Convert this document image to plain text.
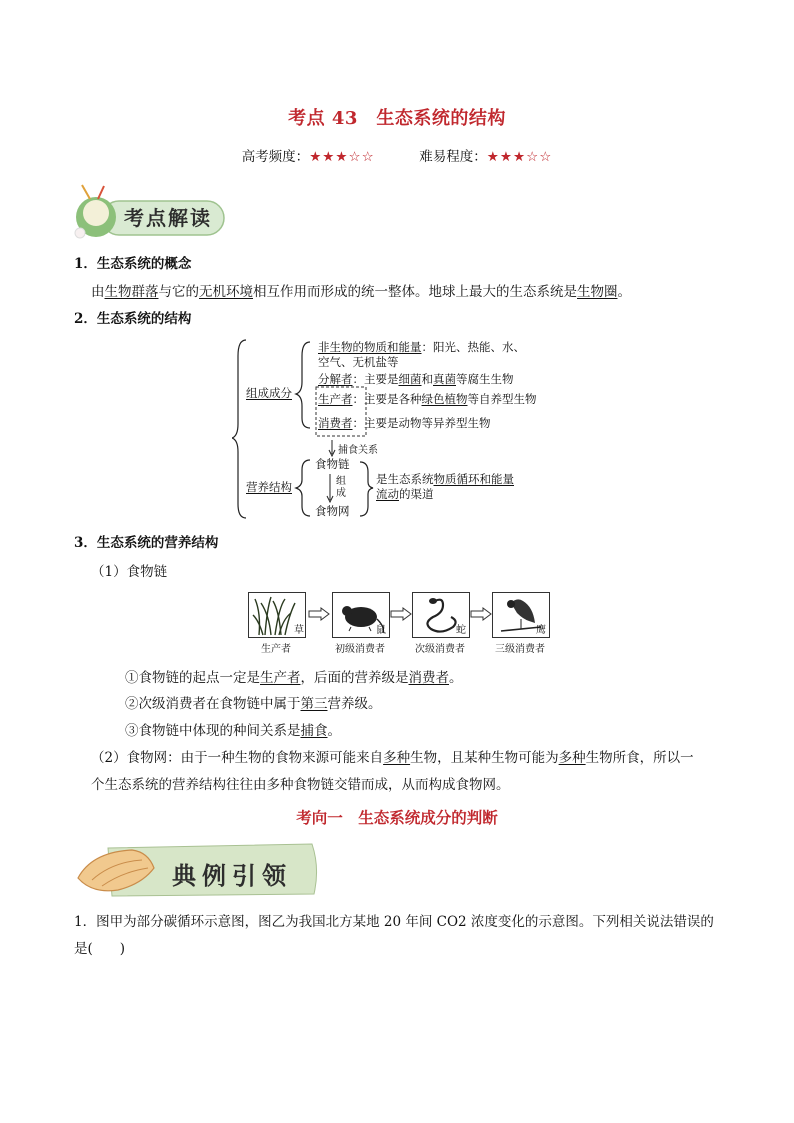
考点 43　生态系统的结构
高考频度：★★★☆☆	难易程度：★★★☆☆
考点解读
1．生态系统的概念
由生物群落与它的无机环境相互作用而形成的统一整体。地球上最大的生态系统是生物圈。
2．生态系统的结构
组成成分
非生物的物质和能量：阳光、热能、水、
空气、无机盐等
分解者：主要是细菌和真菌等腐生生物
生产者：主要是各种绿色植物等自养型生物
消费者：主要是动物等异养型生物
捕食关系
营养结构
食物链
组成
食物网
是生态系统物质循环和能量
流动的渠道
3．生态系统的营养结构
（1）食物链
草
生产者
鼠
初级消费者
蛇
次级消费者
鹰
三级消费者
①食物链的起点一定是生产者，后面的营养级是消费者。
②次级消费者在食物链中属于第三营养级。
③食物链中体现的种间关系是捕食。
（2）食物网：由于一种生物的食物来源可能来自多种生物，且某种生物可能为多种生物所食，所以一
个生态系统的营养结构往往由多种食物链交错而成，从而构成食物网。
考向一　生态系统成分的判断
典例引领
1．图甲为部分碳循环示意图，图乙为我国北方某地 20 年间 CO2 浓度变化的示意图。下列相关说法错误的
是(　　)
